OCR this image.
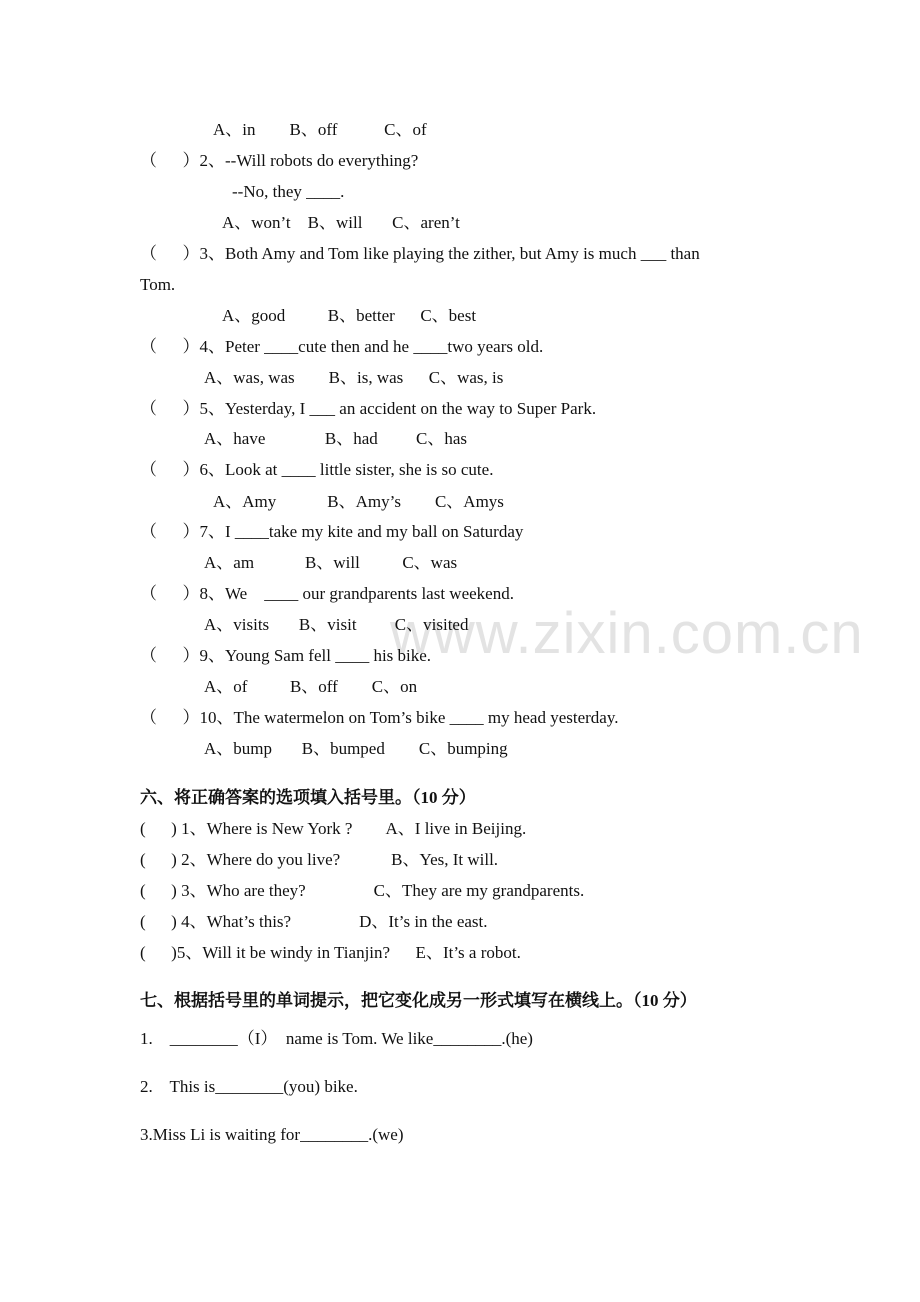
www.zixin.com.cn
A、in        B、off           C、of
（      ）2、--Will robots do everything?
--No, they ____.
A、won’t    B、will       C、aren’t
（      ）3、Both Amy and Tom like playing the zither, but Amy is much ___ than
Tom.
A、good          B、better      C、best
（      ）4、Peter ____cute then and he ____two years old.
A、was, was        B、is, was      C、was, is
（      ）5、Yesterday, I ___ an accident on the way to Super Park.
A、have              B、had         C、has
（      ）6、Look at ____ little sister, she is so cute.
A、Amy            B、Amy’s        C、Amys
（      ）7、I ____take my kite and my ball on Saturday
A、am            B、will          C、was
（      ）8、We    ____ our grandparents last weekend.
A、visits       B、visit         C、visited
（      ）9、Young Sam fell ____ his bike.
A、of          B、off        C、on
（      ）10、The watermelon on Tom’s bike ____ my head yesterday.
A、bump       B、bumped        C、bumping
六、将正确答案的选项填入括号里。（10 分）
(      ) 1、Where is New York ?        A、I live in Beijing.
(      ) 2、Where do you live?            B、Yes, It will.
(      ) 3、Who are they?                C、They are my grandparents.
(      ) 4、What’s this?                D、It’s in the east.
(      )5、Will it be windy in Tianjin?      E、It’s a robot.
七、根据括号里的单词提示，把它变化成另一形式填写在横线上。（10 分）
1.    ________（I）  name is Tom. We like________.(he)
2.    This is________(you) bike.
3.Miss Li is waiting for________.(we)
